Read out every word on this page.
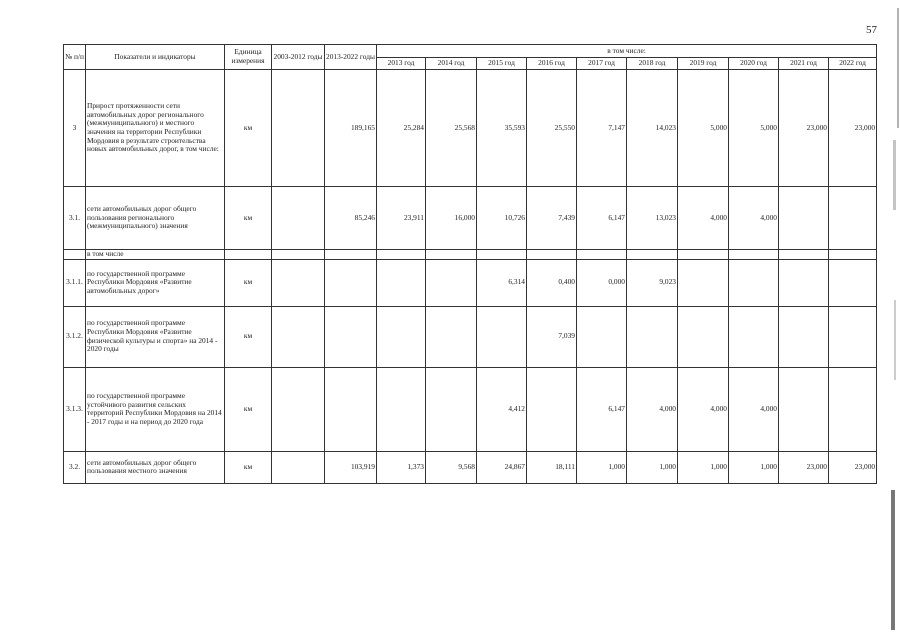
57
№ п/п	Показатели и индикаторы	Единица измерения	2003-2012 годы	2013-2022 годы	в том числе:									
					2013 год	2014 год	2015 год	2016 год	2017 год	2018 год	2019 год	2020 год	2021 год	2022 год
3	Прирост протяженности сети автомобильных дорог регионального (межмуниципального) и местного значения на территории Республики Мордовия в результате строительства новых автомобильных дорог, в том числе:	км		189,165	25,284	25,568	35,593	25,550	7,147	14,023	5,000	5,000	23,000	23,000
3.1.	сети автомобильных дорог общего пользования регионального (межмуниципального) значения	км		85,246	23,911	16,000	10,726	7,439	6,147	13,023	4,000	4,000		
	в том числе													
3.1.1.	по государственной программе Республики Мордовия «Развитие автомобильных дорог»	км					6,314	0,400	0,000	9,023				
3.1.2.	по государственной программе Республики Мордовия «Развитие физической культуры и спорта» на 2014 - 2020 годы	км						7,039						
3.1.3.	по государственной программе устойчивого развития сельских территорий Республики Мордовия на 2014 - 2017 годы и на период до 2020 года	км					4,412		6,147	4,000	4,000	4,000		
3.2.	сети автомобильных дорог общего пользования местного значения	км		103,919	1,373	9,568	24,867	18,111	1,000	1,000	1,000	1,000	23,000	23,000
